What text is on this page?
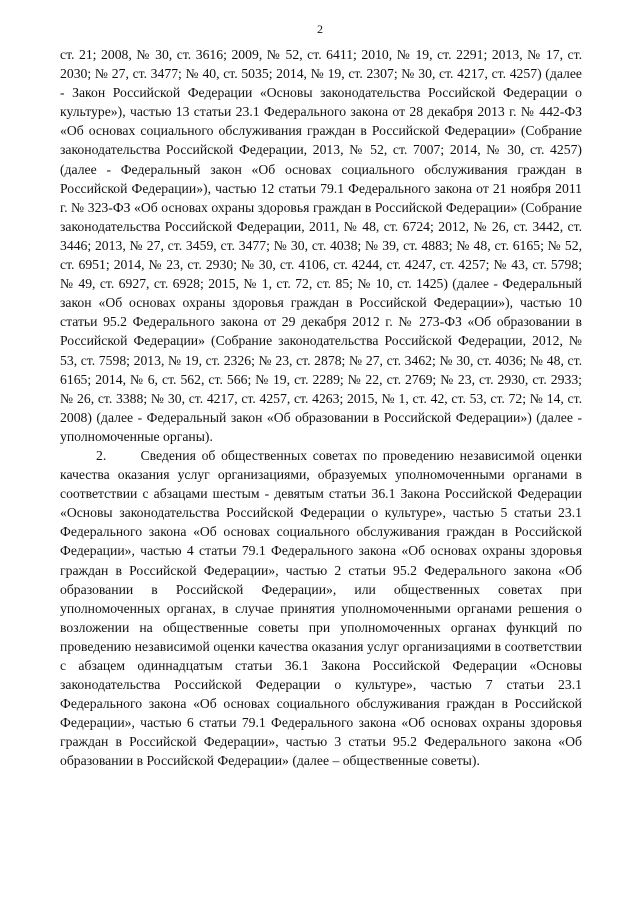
2

ст. 21; 2008, № 30, ст. 3616; 2009, № 52, ст. 6411; 2010, № 19, ст. 2291; 2013, № 17, ст. 2030; № 27, ст. 3477; № 40, ст. 5035; 2014, № 19, ст. 2307; № 30, ст. 4217, ст. 4257) (далее - Закон Российской Федерации «Основы законодательства Российской Федерации о культуре»), частью 13 статьи 23.1 Федерального закона от 28 декабря 2013 г. № 442-ФЗ «Об основах социального обслуживания граждан в Российской Федерации» (Собрание законодательства Российской Федерации, 2013, № 52, ст. 7007; 2014, № 30, ст. 4257) (далее - Федеральный закон «Об основах социального обслуживания граждан в Российской Федерации»), частью 12 статьи 79.1 Федерального закона от 21 ноября 2011 г. № 323-ФЗ «Об основах охраны здоровья граждан в Российской Федерации» (Собрание законодательства Российской Федерации, 2011, № 48, ст. 6724; 2012, № 26, ст. 3442, ст. 3446; 2013, № 27, ст. 3459, ст. 3477; № 30, ст. 4038; № 39, ст. 4883; № 48, ст. 6165; № 52, ст. 6951; 2014, № 23, ст. 2930; № 30, ст. 4106, ст. 4244, ст. 4247, ст. 4257; № 43, ст. 5798; № 49, ст. 6927, ст. 6928; 2015, № 1, ст. 72, ст. 85; № 10, ст. 1425) (далее - Федеральный закон «Об основах охраны здоровья граждан в Российской Федерации»), частью 10 статьи 95.2 Федерального закона от 29 декабря 2012 г. № 273-ФЗ «Об образовании в Российской Федерации» (Собрание законодательства Российской Федерации, 2012, № 53, ст. 7598; 2013, № 19, ст. 2326; № 23, ст. 2878; № 27, ст. 3462; № 30, ст. 4036; № 48, ст. 6165; 2014, № 6, ст. 562, ст. 566; № 19, ст. 2289; № 22, ст. 2769; № 23, ст. 2930, ст. 2933; № 26, ст. 3388; № 30, ст. 4217, ст. 4257, ст. 4263; 2015, № 1, ст. 42, ст. 53, ст. 72; № 14, ст. 2008) (далее - Федеральный закон «Об образовании в Российской Федерации») (далее - уполномоченные органы).

2.      Сведения об общественных советах по проведению независимой оценки качества оказания услуг организациями, образуемых уполномоченными органами в соответствии с абзацами шестым - девятым статьи 36.1 Закона Российской Федерации «Основы законодательства Российской Федерации о культуре», частью 5 статьи 23.1 Федерального закона «Об основах социального обслуживания граждан в Российской Федерации», частью 4 статьи 79.1 Федерального закона «Об основах охраны здоровья граждан в Российской Федерации», частью 2 статьи 95.2 Федерального закона «Об образовании в Российской Федерации», или общественных советах при уполномоченных органах, в случае принятия уполномоченными органами решения о возложении на общественные советы при уполномоченных органах функций по проведению независимой оценки качества оказания услуг организациями в соответствии с абзацем одиннадцатым статьи 36.1 Закона Российской Федерации «Основы законодательства Российской Федерации о культуре», частью 7 статьи 23.1 Федерального закона «Об основах социального обслуживания граждан в Российской Федерации», частью 6 статьи 79.1 Федерального закона «Об основах охраны здоровья граждан в Российской Федерации», частью 3 статьи 95.2 Федерального закона «Об образовании в Российской Федерации» (далее – общественные советы).
